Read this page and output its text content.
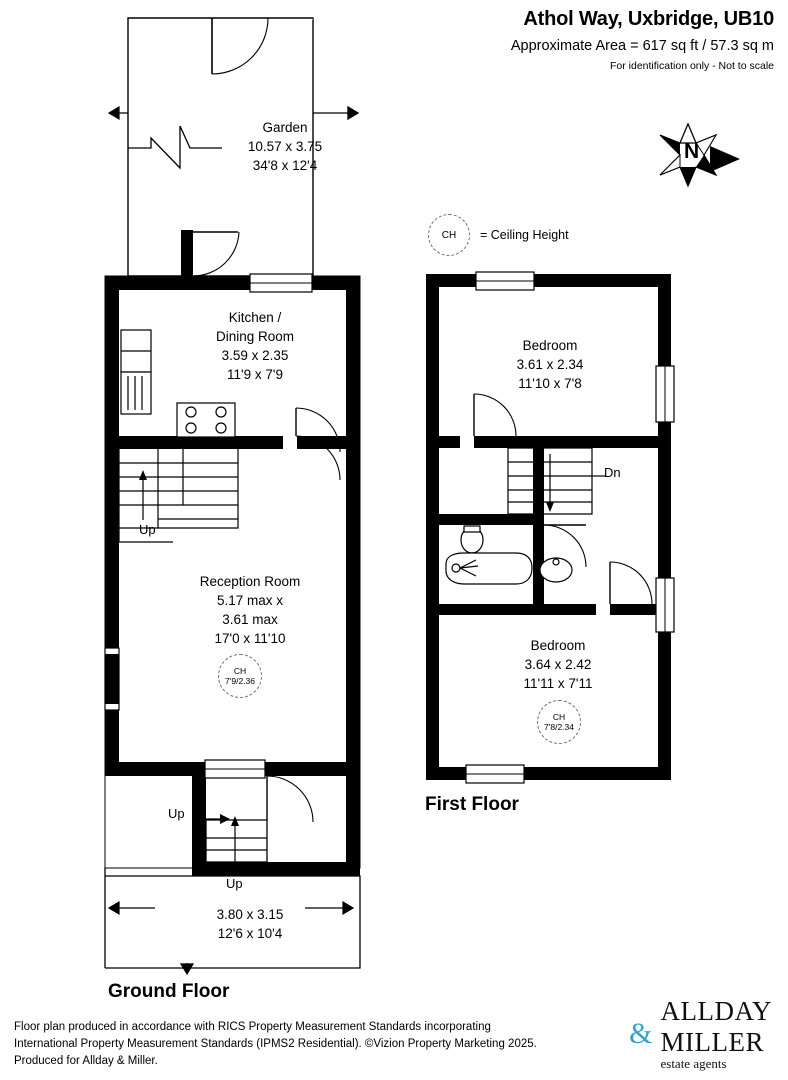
Athol Way, Uxbridge, UB10
Approximate Area = 617 sq ft / 57.3 sq m
For identification only - Not to scale
N
CH = Ceiling Height
Garden
10.57 x 3.75
34'8 x 12'4
Kitchen /
Dining Room
3.59 x 2.35
11'9 x 7'9
Reception Room
5.17 max x
3.61 max
17'0 x 11'10
CH
7'9/2.36
3.80 x 3.15
12'6 x 10'4
Bedroom
3.61 x 2.34
11'10 x 7'8
Bedroom
3.64 x 2.42
11'11 x 7'11
CH
7'8/2.34
Up
Up
Up
Dn
Ground Floor
First Floor
Floor plan produced in accordance with RICS Property Measurement Standards incorporating
International Property Measurement Standards (IPMS2 Residential). ©Vizion Property Marketing 2025.
Produced for Allday & Miller.
&
ALLDAY
MILLER
estate agents
